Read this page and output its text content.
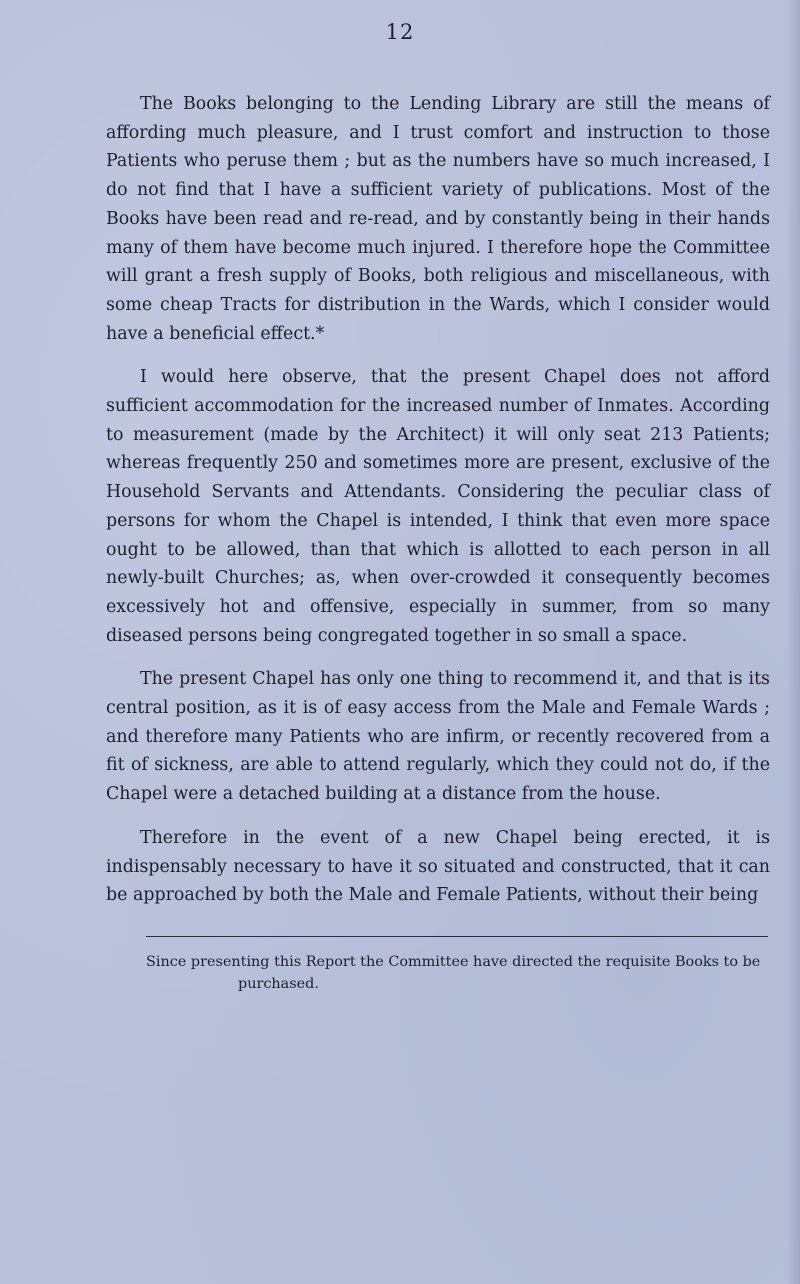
12

The Books belonging to the Lending Library are still the means of affording much pleasure, and I trust comfort and instruction to those Patients who peruse them ; but as the numbers have so much increased, I do not find that I have a sufficient variety of publications. Most of the Books have been read and re-read, and by constantly being in their hands many of them have become much injured. I therefore hope the Committee will grant a fresh supply of Books, both religious and miscellaneous, with some cheap Tracts for distribution in the Wards, which I consider would have a beneficial effect.*

I would here observe, that the present Chapel does not afford sufficient accommodation for the increased number of Inmates. According to measurement (made by the Architect) it will only seat 213 Patients; whereas frequently 250 and sometimes more are present, exclusive of the Household Servants and Attendants. Considering the peculiar class of persons for whom the Chapel is intended, I think that even more space ought to be allowed, than that which is allotted to each person in all newly-built Churches; as, when over-crowded it consequently becomes excessively hot and offensive, especially in summer, from so many diseased persons being congregated together in so small a space.

The present Chapel has only one thing to recommend it, and that is its central position, as it is of easy access from the Male and Female Wards ; and therefore many Patients who are infirm, or recently recovered from a fit of sickness, are able to attend regularly, which they could not do, if the Chapel were a detached building at a distance from the house.

Therefore in the event of a new Chapel being erected, it is indispensably necessary to have it so situated and constructed, that it can be approached by both the Male and Female Patients, without their being

Since presenting this Report the Committee have directed the requisite Books to be
purchased.
